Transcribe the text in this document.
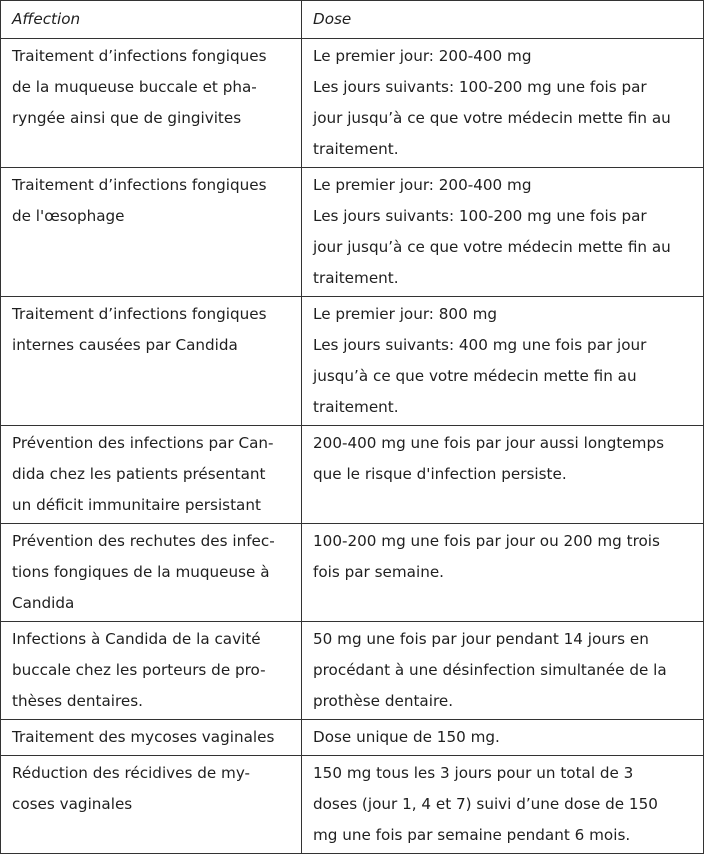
Affection	Dose

Traitement d’infections fongiques
de la muqueuse buccale et pha-
ryngée ainsi que de gingivites	Le premier jour: 200-400 mg
Les jours suivants: 100-200 mg une fois par
jour jusqu’à ce que votre médecin mette fin au
traitement.

Traitement d’infections fongiques
de l'œsophage	Le premier jour: 200-400 mg
Les jours suivants: 100-200 mg une fois par
jour jusqu’à ce que votre médecin mette fin au
traitement.

Traitement d’infections fongiques
internes causées par Candida	Le premier jour: 800 mg
Les jours suivants: 400 mg une fois par jour
jusqu’à ce que votre médecin mette fin au
traitement.

Prévention des infections par Can-
dida chez les patients présentant
un déficit immunitaire persistant	200-400 mg une fois par jour aussi longtemps
que le risque d'infection persiste.

Prévention des rechutes des infec-
tions fongiques de la muqueuse à
Candida	100-200 mg une fois par jour ou 200 mg trois
fois par semaine.

Infections à Candida de la cavité
buccale chez les porteurs de pro-
thèses dentaires.	50 mg une fois par jour pendant 14 jours en
procédant à une désinfection simultanée de la
prothèse dentaire.

Traitement des mycoses vaginales	Dose unique de 150 mg.

Réduction des récidives de my-
coses vaginales	150 mg tous les 3 jours pour un total de 3
doses (jour 1, 4 et 7) suivi d’une dose de 150
mg une fois par semaine pendant 6 mois.
